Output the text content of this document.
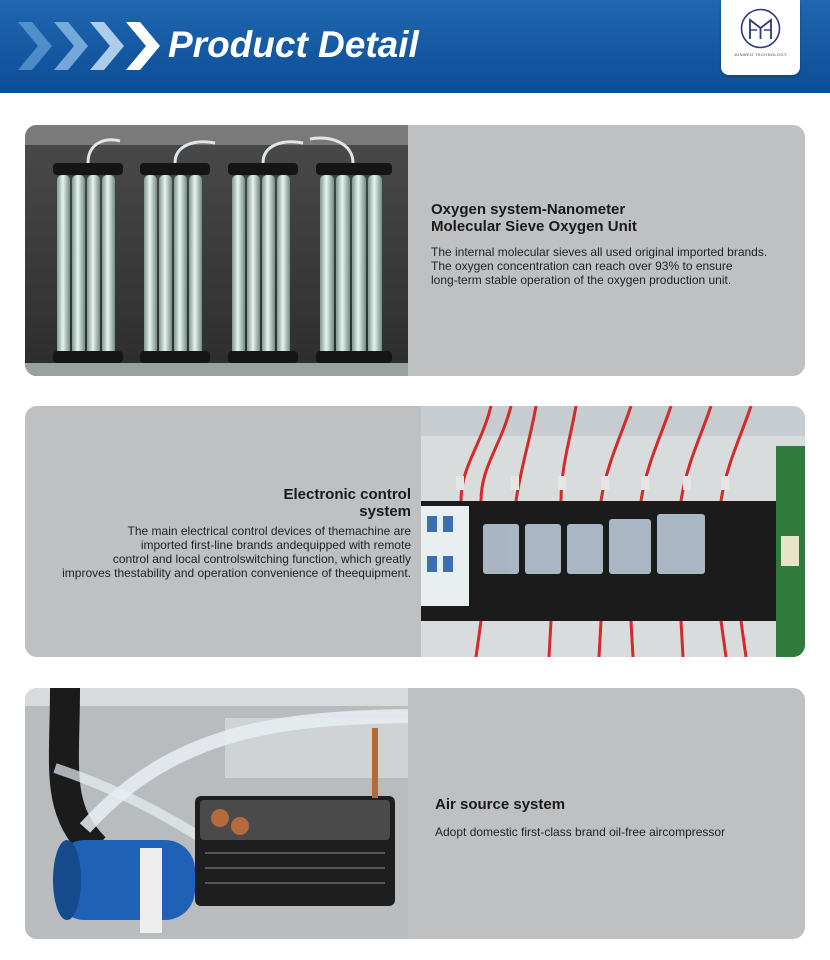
Product Detail	JUNWEO TECHNOLOGY

Oxygen system-Nanometer
Molecular Sieve Oxygen Unit

The internal molecular sieves all used original imported brands.
The oxygen concentration can reach over 93% to ensure
long-term stable operation of the oxygen production unit.

Electronic control
system

The main electrical control devices of themachine are
imported first-line brands andequipped with remote
control and local controlswitching function, which greatly
improves thestability and operation convenience of theequipment.

Air source system

Adopt domestic first-class brand oil-free aircompressor
